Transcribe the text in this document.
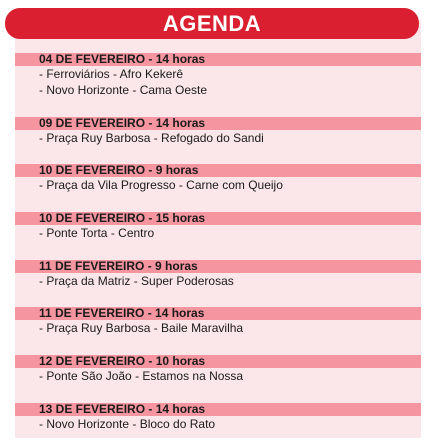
AGENDA
04 DE FEVEREIRO - 14 horas
- Ferroviários - Afro Kekerê
- Novo Horizonte - Cama Oeste
09 DE FEVEREIRO - 14 horas
- Praça Ruy Barbosa - Refogado do Sandi
10 DE FEVEREIRO - 9 horas
- Praça da Vila Progresso - Carne com Queijo
10 DE FEVEREIRO - 15 horas
- Ponte Torta - Centro
11 DE FEVEREIRO - 9 horas
- Praça da Matriz - Super Poderosas
11 DE FEVEREIRO - 14 horas
- Praça Ruy Barbosa - Baile Maravilha
12 DE FEVEREIRO - 10 horas
- Ponte São João - Estamos na Nossa
13 DE FEVEREIRO - 14 horas
- Novo Horizonte - Bloco do Rato
